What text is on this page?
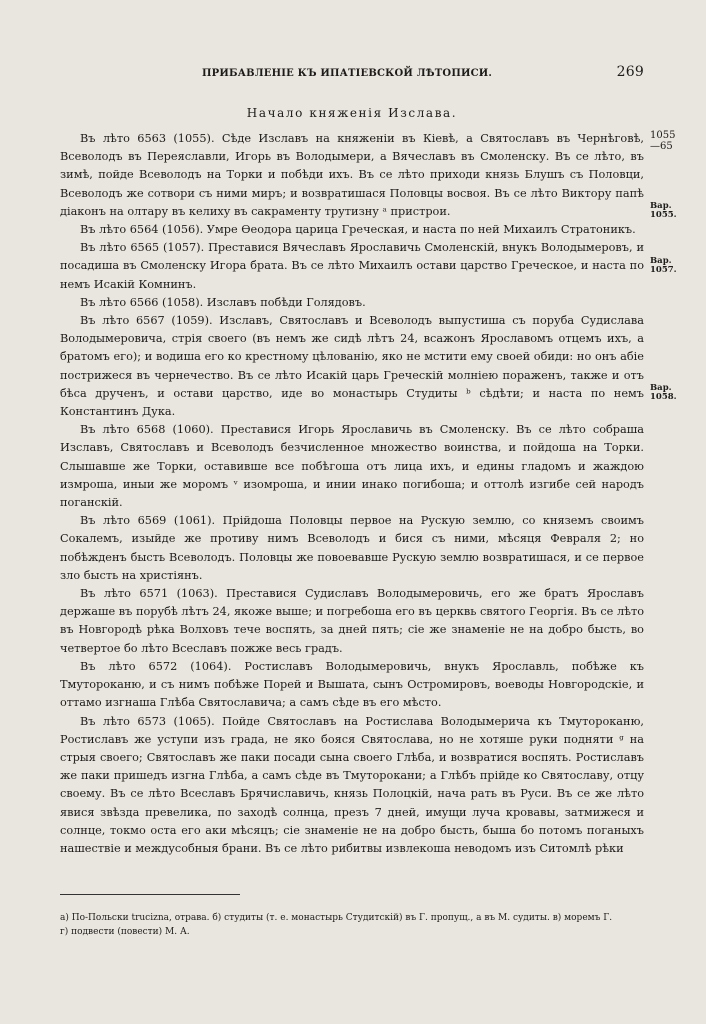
ПРИБАВЛЕНІЕ КЪ ИПАТІЕВСКОЙ ЛѢТОПИСИ.	269
Начало княженія Изслава.

1055
—65
Вар.
1055.
Въ лѣто 6563 (1055). Сѣде Изславъ на княженіи въ Кіевѣ, а Святославъ въ Чернѣговѣ, Всеволодъ въ Переяславли, Игорь въ Володымери, а Вячеславъ въ Смоленску. Въ се лѣто, въ зимѣ, пойде Всеволодъ на Торки и побѣди ихъ. Въ се лѣто приходи князь Блушъ съ Половци, Всеволодъ же сотвори съ ними миръ; и возвратишася Половцы восвоя. Въ се лѣто Виктору папѣ діаконъ на олтару въ келиху въ сакраменту трутизну ᵃ пристрои.

Въ лѣто 6564 (1056). Умре Ѳеодора царица Греческая, и наста по ней Михаилъ Стратоникъ.

Вар.
1057.
Въ лѣто 6565 (1057). Преставися Вячеславъ Ярославичь Смоленскій, внукъ Володымеровъ, и посадиша въ Смоленску Игора брата. Въ се лѣто Михаилъ остави царство Греческое, и наста по немъ Исакій Комнинъ.

Въ лѣто 6566 (1058). Изславъ побѣди Голядовъ.

Вар.
1058.
Въ лѣто 6567 (1059). Изславъ, Святославъ и Всеволодъ выпустиша съ поруба Судислава Володымеровича, стрія своего (въ немъ же сидѣ лѣтъ 24, всажонъ Ярославомъ отцемъ ихъ, а братомъ его); и водиша его ко крестному цѣлованію, яко не мстити ему своей обиди: но онъ абіе пострижеся въ чернечество. Въ се лѣто Исакій царь Греческій молніею пораженъ, также и отъ бѣса друченъ, и остави царство, иде во монастырь Студиты ᵇ сѣдѣти; и наста по немъ Константинъ Дука.

Въ лѣто 6568 (1060). Преставися Игорь Ярославичь въ Смоленску. Въ се лѣто собраша Изславъ, Святославъ и Всеволодъ безчисленное множество воинства, и пойдоша на Торки. Слышавше же Торки, оставивше все побѣгоша отъ лица ихъ, и едины гладомъ и жаждою измроша, иныи же моромъ ᵛ изомроша, и инии инако погибоша; и оттолѣ изгибе сей народъ поганскій.

Въ лѣто 6569 (1061). Прійдоша Половцы первое на Рускую землю, со княземъ своимъ Сокалемъ, изыйде же противу нимъ Всеволодъ и бися съ ними, мѣсяця Февраля 2; но побѣжденъ бысть Всеволодъ. Половцы же повоевавше Рускую землю возвратишася, и се первое зло бысть на христіянъ.

Въ лѣто 6571 (1063). Преставися Судиславъ Володымеровичь, его же братъ Ярославъ держаше въ порубѣ лѣтъ 24, якоже выше; и погребоша его въ церквь святого Георгія. Въ се лѣто въ Новгородѣ рѣка Волховъ тече воспять, за дней пять; сіе же знаменіе не на добро бысть, во четвертое бо лѣто Всеславъ пожже весь градъ.

Въ лѣто 6572 (1064). Ростиславъ Володымеровичь, внукъ Ярославль, побѣже къ Тмутороканю, и съ нимъ побѣже Порей и Вышата, сынъ Остромировъ, воеводы Новгородскіе, и оттамо изгнаша Глѣба Святославича; а самъ сѣде въ его мѣсто.

Въ лѣто 6573 (1065). Пойде Святославъ на Ростислава Володымерича къ Тмутороканю, Ростиславъ же уступи изъ града, не яко бояся Святослава, но не хотяше руки подняти ᵍ на стрыя своего; Святославъ же паки посади сына своего Глѣба, и возвратися воспять. Ростиславъ же паки пришедъ изгна Глѣба, а самъ сѣде въ Тмуторокани; а Глѣбъ прійде ко Святославу, отцу своему. Въ се лѣто Всеславъ Брячиславичь, князь Полоцкій, нача рать въ Руси. Въ се же лѣто явися звѣзда превелика, по заходѣ солнца, презъ 7 дней, имущи луча кровавы, затмижеся и солнце, токмо оста его аки мѣсяцъ; сіе знаменіе не на добро бысть, быша бо потомъ поганыхъ нашествіе и междусобныя брани. Въ се лѣто рибитвы извлекоша неводомъ изъ Ситомлѣ рѣки

а) По-Польски trucizna, отрава. б) студиты (т. е. монастырь Студитскій) въ Г. пропущ., а въ М. судиты. в) моремъ Г.
г) подвести (повести) М. А.
